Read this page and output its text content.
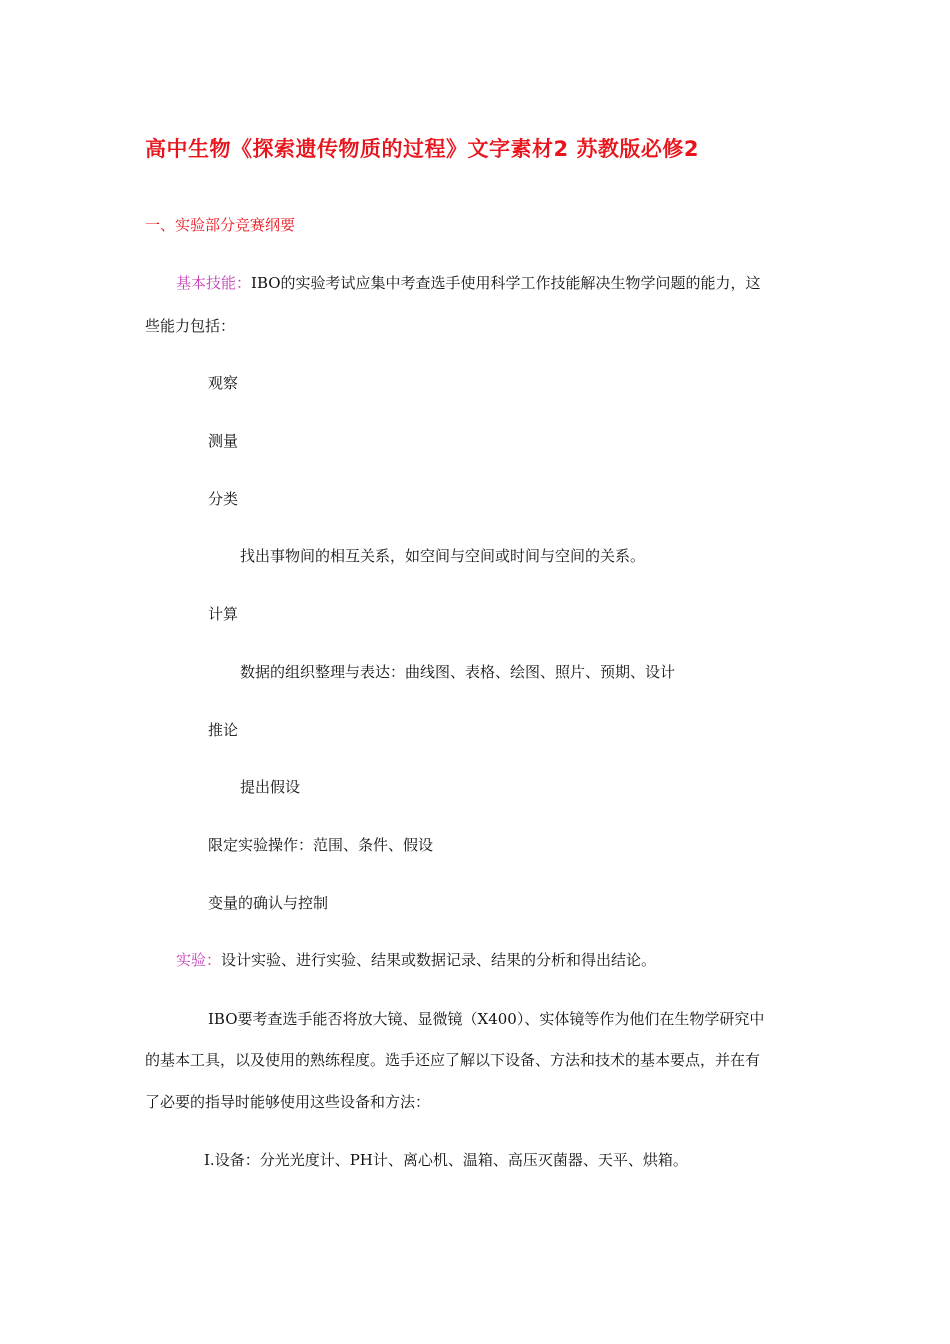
高中生物《探索遗传物质的过程》文字素材2 苏教版必修2
一、实验部分竞赛纲要
基本技能：IBO的实验考试应集中考查选手使用科学工作技能解决生物学问题的能力，这
些能力包括：
观察
测量
分类
找出事物间的相互关系，如空间与空间或时间与空间的关系。
计算
数据的组织整理与表达：曲线图、表格、绘图、照片、预期、设计
推论
提出假设
限定实验操作：范围、条件、假设
变量的确认与控制
实验：设计实验、进行实验、结果或数据记录、结果的分析和得出结论。
IBO要考查选手能否将放大镜、显微镜（X400）、实体镜等作为他们在生物学研究中
的基本工具，以及使用的熟练程度。选手还应了解以下设备、方法和技术的基本要点，并在有
了必要的指导时能够使用这些设备和方法：
Ⅰ.设备：分光光度计、PH计、离心机、温箱、高压灭菌器、天平、烘箱。
